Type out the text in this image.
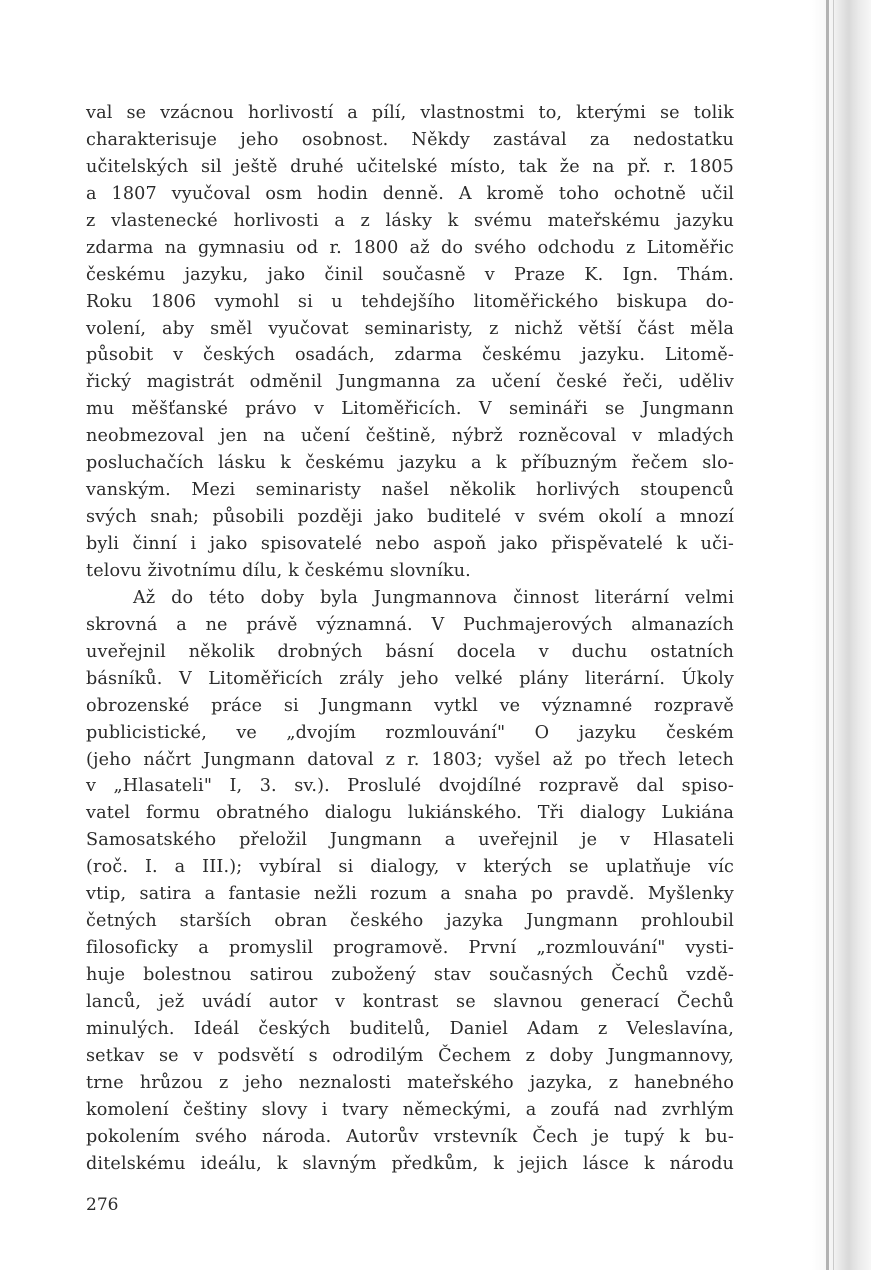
val se vzácnou horlivostí a pílí, vlastnostmi to, kterými se tolik
charakterisuje jeho osobnost. Někdy zastával za nedostatku
učitelských sil ještě druhé učitelské místo, tak že na př. r. 1805
a 1807 vyučoval osm hodin denně. A kromě toho ochotně učil
z vlastenecké horlivosti a z lásky k svému mateřskému jazyku
zdarma na gymnasiu od r. 1800 až do svého odchodu z Litoměřic
českému jazyku, jako činil současně v Praze K. Ign. Thám.
Roku 1806 vymohl si u tehdejšího litoměřického biskupa do-
volení, aby směl vyučovat seminaristy, z nichž větší část měla
působit v českých osadách, zdarma českému jazyku. Litomě-
řický magistrát odměnil Jungmanna za učení české řeči, uděliv
mu měšťanské právo v Litoměřicích. V semináři se Jungmann
neobmezoval jen na učení češtině, nýbrž rozněcoval v mladých
posluchačích lásku k českému jazyku a k příbuzným řečem slo-
vanským. Mezi seminaristy našel několik horlivých stoupenců
svých snah; působili později jako buditelé v svém okolí a mnozí
byli činní i jako spisovatelé nebo aspoň jako přispěvatelé k uči-
telovu životnímu dílu, k českému slovníku.
Až do této doby byla Jungmannova činnost literární velmi
skrovná a ne právě významná. V Puchmajerových almanazích
uveřejnil několik drobných básní docela v duchu ostatních
básníků. V Litoměřicích zrály jeho velké plány literární. Úkoly
obrozenské práce si Jungmann vytkl ve významné rozpravě
publicistické, ve „dvojím rozmlouvání" O jazyku českém
(jeho náčrt Jungmann datoval z r. 1803; vyšel až po třech letech
v „Hlasateli" I, 3. sv.). Proslulé dvojdílné rozpravě dal spiso-
vatel formu obratného dialogu lukiánského. Tři dialogy Lukiána
Samosatského přeložil Jungmann a uveřejnil je v Hlasateli
(roč. I. a III.); vybíral si dialogy, v kterých se uplatňuje víc
vtip, satira a fantasie nežli rozum a snaha po pravdě. Myšlenky
četných starších obran českého jazyka Jungmann prohloubil
filosoficky a promyslil programově. První „rozmlouvání" vysti-
huje bolestnou satirou zubožený stav současných Čechů vzdě-
lanců, jež uvádí autor v kontrast se slavnou generací Čechů
minulých. Ideál českých buditelů, Daniel Adam z Veleslavína,
setkav se v podsvětí s odrodilým Čechem z doby Jungmannovy,
trne hrůzou z jeho neznalosti mateřského jazyka, z hanebného
komolení češtiny slovy i tvary německými, a zoufá nad zvrhlým
pokolením svého národa. Autorův vrstevník Čech je tupý k bu-
ditelskému ideálu, k slavným předkům, k jejich lásce k národu
276
